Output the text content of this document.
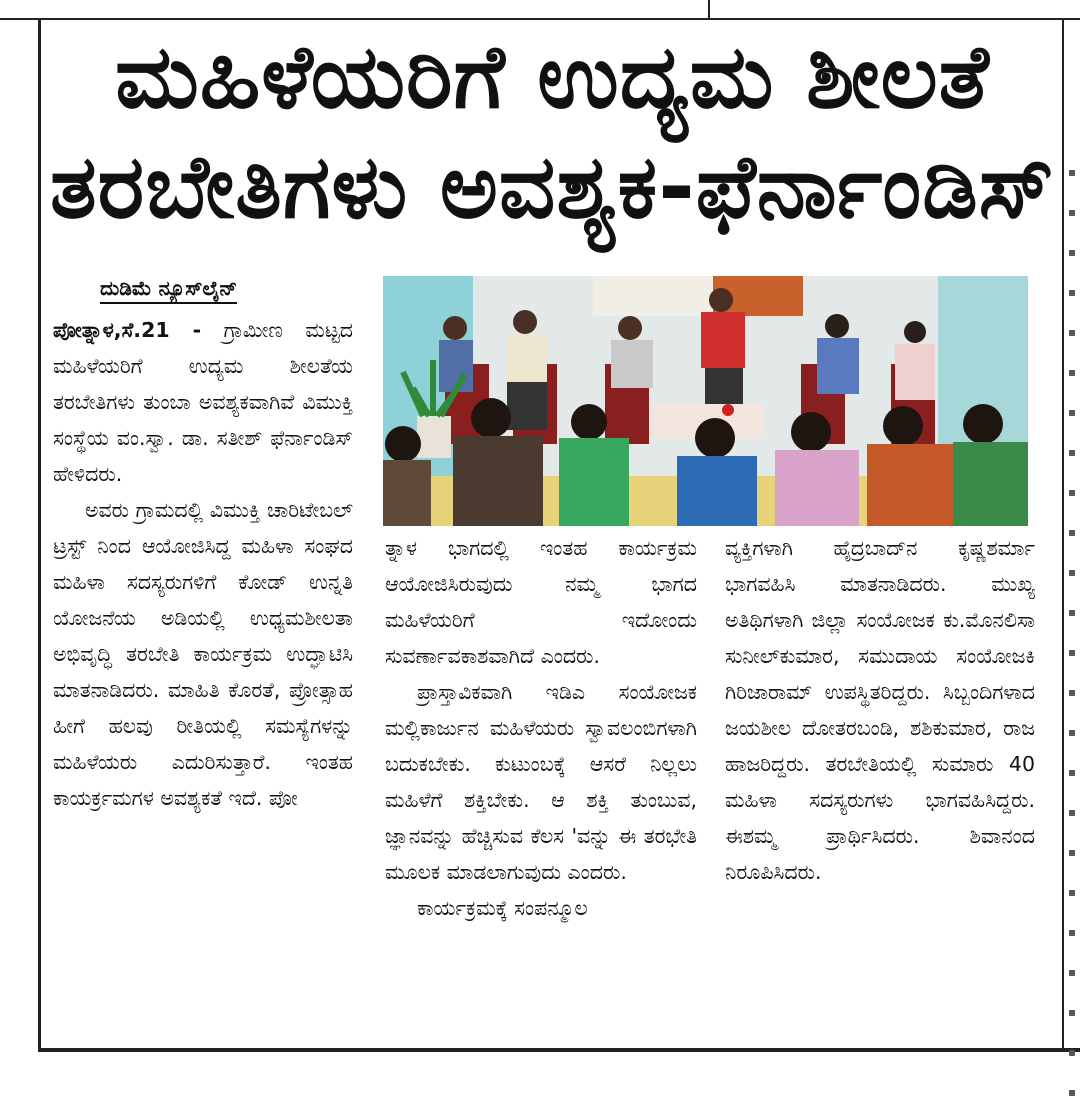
ಮಹಿಳೆಯರಿಗೆ ಉದ್ಯಮ ಶೀಲತೆ
ತರಬೇತಿಗಳು ಅವಶ್ಯಕ-ಫೆರ್ನಾಂಡಿಸ್
ದುಡಿಮೆ ನ್ಯೂಸ್‌ಲೈನ್

ಪೋತ್ನಾಳ,ಸೆ.21 - ಗ್ರಾಮೀಣ ಮಟ್ಟದ ಮಹಿಳೆಯರಿಗೆ ಉದ್ಯಮ ಶೀಲತೆಯ ತರಬೇತಿಗಳು ತುಂಬಾ ಅವಶ್ಯಕವಾಗಿವೆ ವಿಮುಕ್ತಿ ಸಂಸ್ಥೆಯ ವಂ.ಸ್ವಾ. ಡಾ. ಸತೀಶ್ ಫೆರ್ನಾಂಡಿಸ್ ಹೇಳಿದರು.

ಅವರು ಗ್ರಾಮದಲ್ಲಿ ವಿಮುಕ್ತಿ ಚಾರಿಟೇಬಲ್ ಟ್ರಸ್ಟ್ ನಿಂದ ಆಯೋಜಿಸಿದ್ದ ಮಹಿಳಾ ಸಂಘದ ಮಹಿಳಾ ಸದಸ್ಯರುಗಳಿಗೆ ಕೋಡ್ ಉನ್ನತಿ ಯೋಜನೆಯ ಅಡಿಯಲ್ಲಿ ಉಧ್ಯಮಶೀಲತಾ ಅಭಿವೃದ್ಧಿ ತರಬೇತಿ ಕಾರ್ಯಕ್ರಮ ಉದ್ಘಾಟಿಸಿ ಮಾತನಾಡಿದರು. ಮಾಹಿತಿ ಕೊರತೆ, ಪ್ರೋತ್ಸಾಹ ಹೀಗೆ ಹಲವು ರೀತಿಯಲ್ಲಿ ಸಮಸ್ಯೆಗಳನ್ನು ಮಹಿಳೆಯರು ಎದುರಿಸುತ್ತಾರೆ. ಇಂತಹ ಕಾಯರ್ಕ್ರಮಗಳ ಅವಶ್ಯಕತೆ ಇದೆ. ಪೋ

ತ್ನಾಳ ಭಾಗದಲ್ಲಿ ಇಂತಹ ಕಾರ್ಯಕ್ರಮ ಆಯೋಜಿಸಿರುವುದು ನಮ್ಮ ಭಾಗದ ಮಹಿಳೆಯರಿಗೆ ಇದೋಂದು ಸುವರ್ಣಾವಕಾಶವಾಗಿದೆ ಎಂದರು.

ಪ್ರಾಸ್ತಾವಿಕವಾಗಿ ಇಡಿಎ ಸಂಯೋಜಕ ಮಲ್ಲಿಕಾರ್ಜುನ ಮಹಿಳೆಯರು ಸ್ವಾವಲಂಬಿಗಳಾಗಿ ಬದುಕಬೇಕು. ಕುಟುಂಬಕ್ಕೆ ಆಸರೆ ನಿಲ್ಲಲು ಮಹಿಳೆಗೆ ಶಕ್ತಿಬೇಕು. ಆ ಶಕ್ತಿ ತುಂಬುವ, ಜ್ಞಾನವನ್ನು ಹೆಚ್ಚಿಸುವ ಕೆಲಸ 'ವನ್ನು ಈ ತರಭೇತಿ ಮೂಲಕ ಮಾಡಲಾಗುವುದು ಎಂದರು.

ಕಾರ್ಯಕ್ರಮಕ್ಕೆ ಸಂಪನ್ಮೂಲ

ವ್ಯಕ್ತಿಗಳಾಗಿ ಹೈದ್ರಬಾದ್‌ನ ಕೃಷ್ಣಶರ್ಮಾ ಭಾಗವಹಿಸಿ ಮಾತನಾಡಿದರು. ಮುಖ್ಯ ಅತಿಥಿಗಳಾಗಿ ಜಿಲ್ಲಾ ಸಂಯೋಜಕ ಕು.ಮೊನಲಿಸಾ ಸುನೀಲ್‌ಕುಮಾರ, ಸಮುದಾಯ ಸಂಯೋಜಕಿ ಗಿರಿಜಾರಾಮ್ ಉಪಸ್ಥಿತರಿದ್ದರು. ಸಿಬ್ಬಂದಿಗಳಾದ ಜಯಶೀಲ ದೋತರಬಂಡಿ, ಶಶಿಕುಮಾರ, ರಾಜ ಹಾಜರಿದ್ದರು. ತರಬೇತಿಯಲ್ಲಿ ಸುಮಾರು 40 ಮಹಿಳಾ ಸದಸ್ಯರುಗಳು ಭಾಗವಹಿಸಿದ್ದರು. ಈಶಮ್ಮ ಪ್ರಾರ್ಥಿಸಿದರು. ಶಿವಾನಂದ ನಿರೂಪಿಸಿದರು.
